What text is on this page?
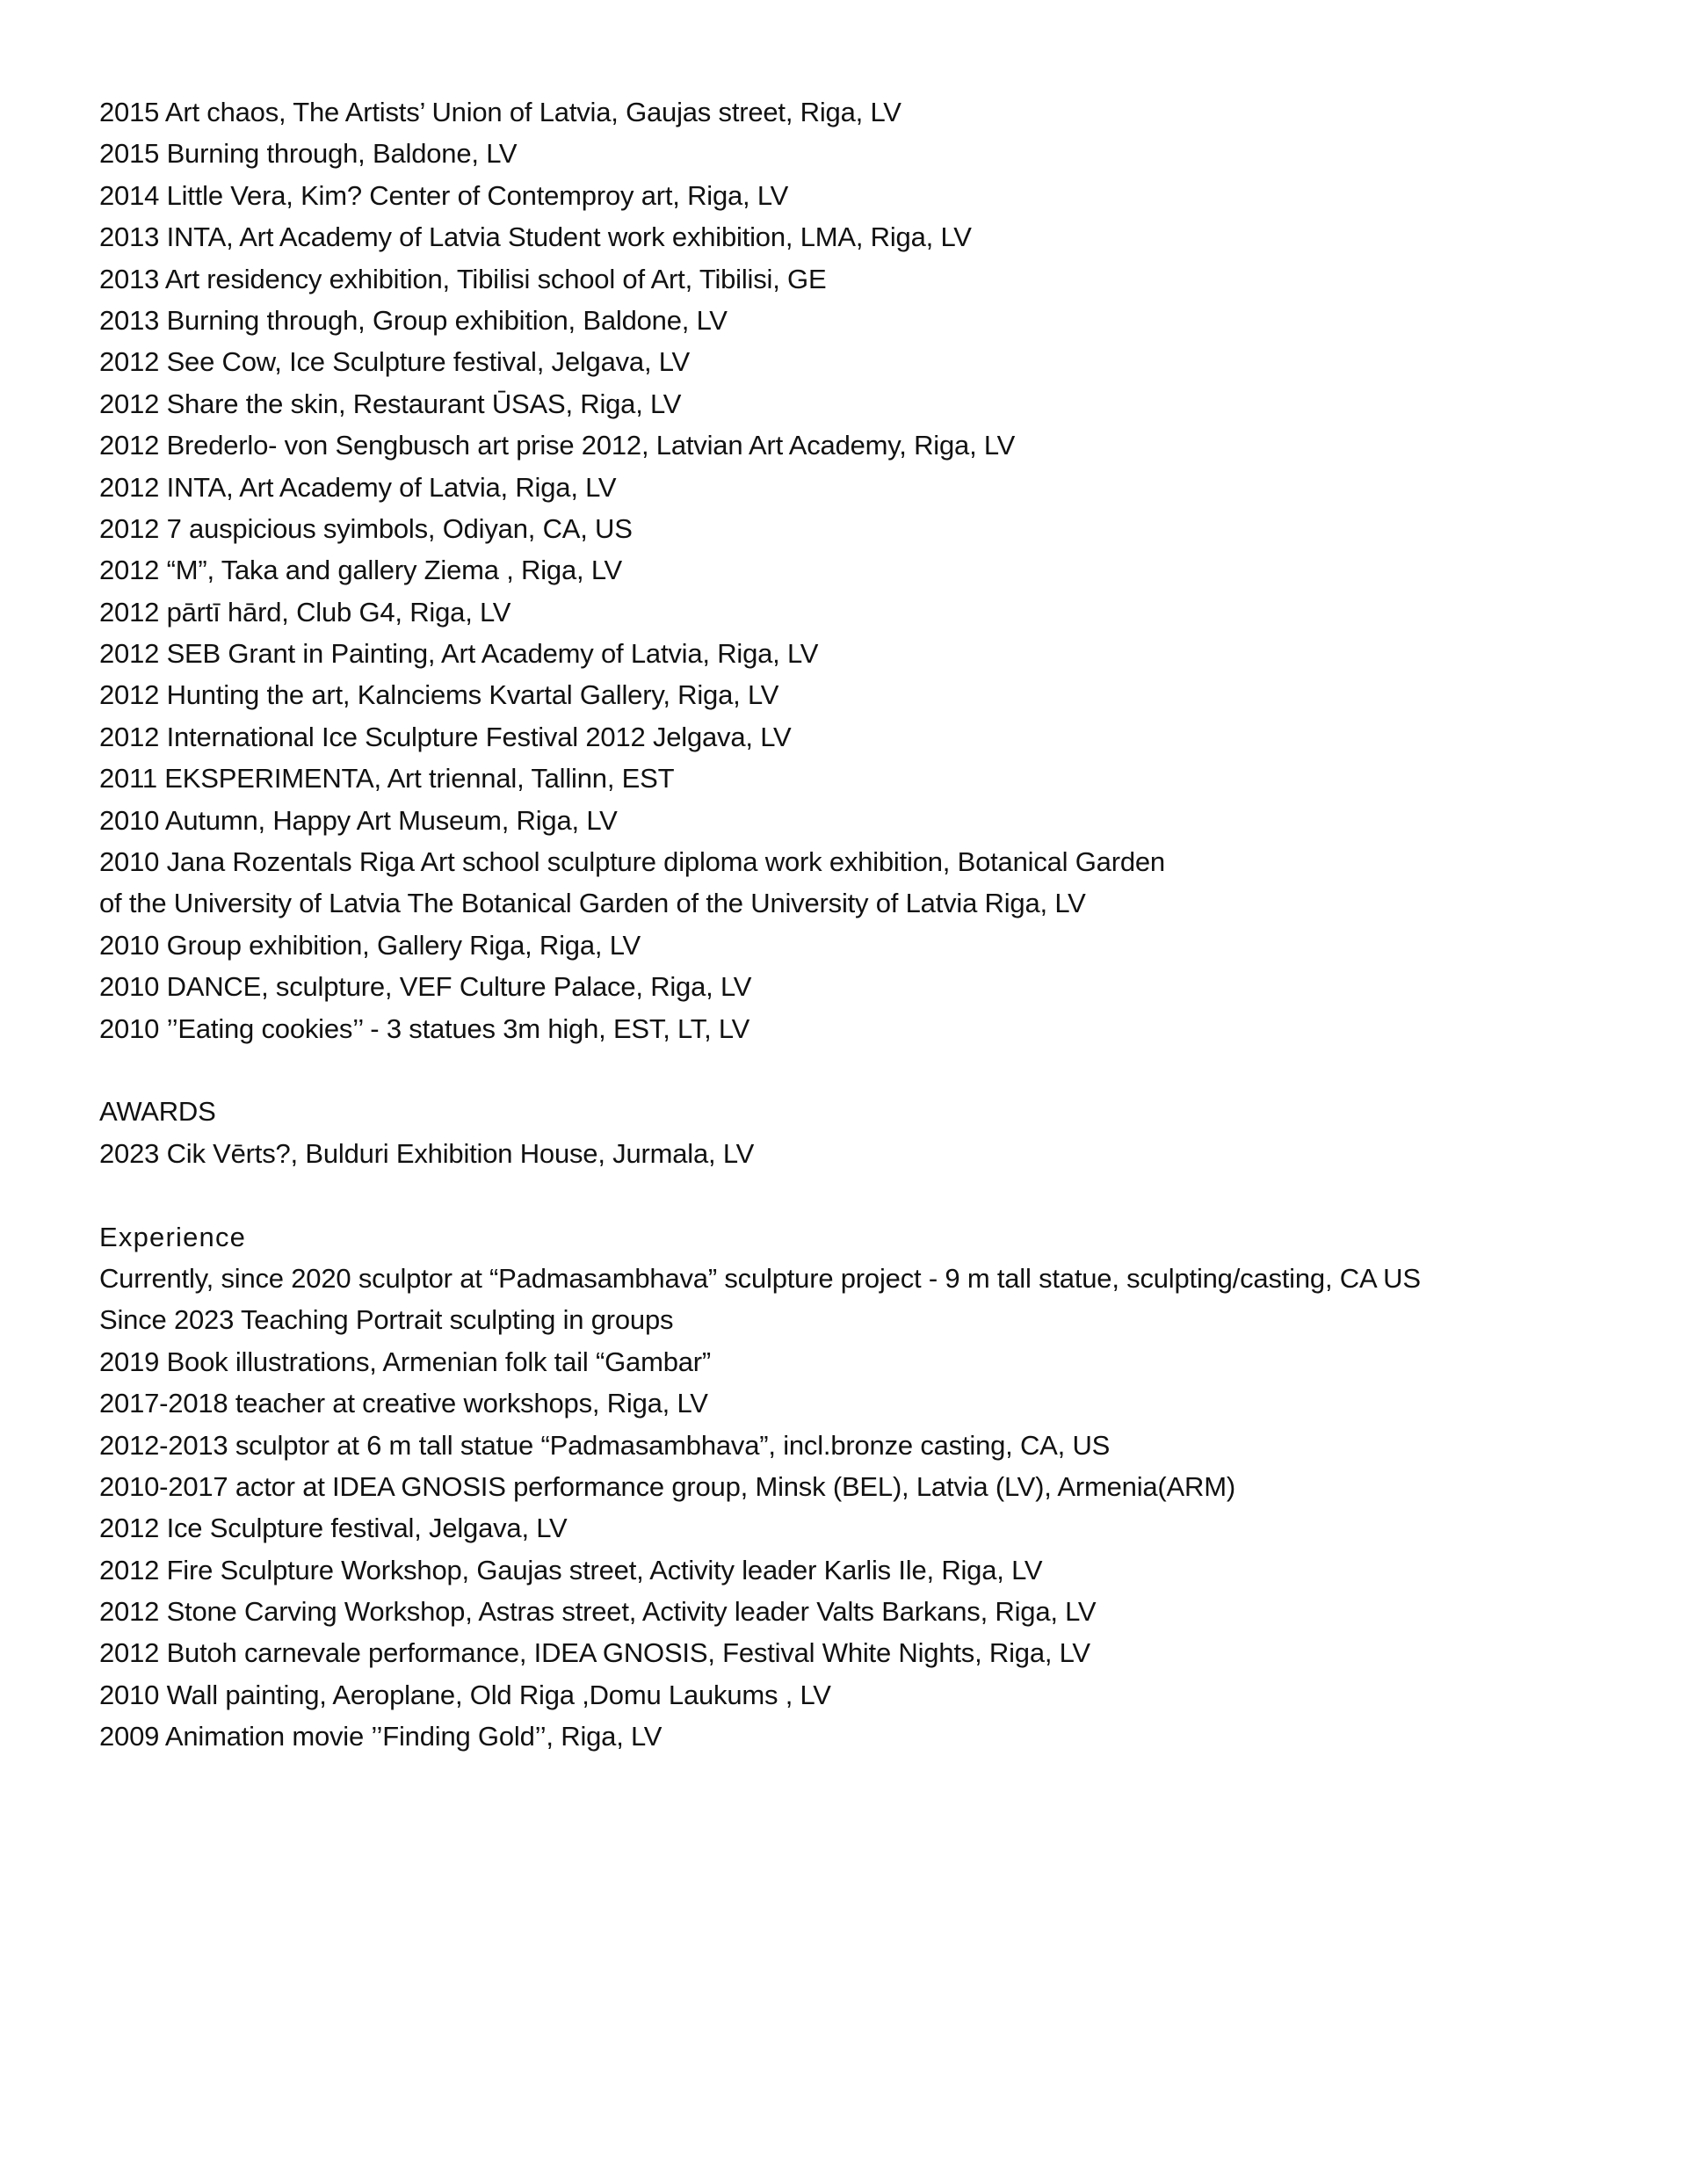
2015 Art chaos, The Artists’ Union of Latvia, Gaujas street, Riga, LV
2015 Burning through, Baldone, LV
2014 Little Vera, Kim? Center of Contemproy art, Riga, LV
2013 INTA, Art Academy of Latvia Student work exhibition, LMA, Riga, LV
2013 Art residency exhibition, Tibilisi school of Art, Tibilisi, GE
2013 Burning through, Group exhibition, Baldone, LV
2012 See Cow, Ice Sculpture festival, Jelgava, LV
2012 Share the skin, Restaurant ŪSAS, Riga, LV
2012 Brederlo- von Sengbusch art prise 2012, Latvian Art Academy, Riga, LV
2012 INTA, Art Academy of Latvia, Riga, LV
2012 7 auspicious syimbols, Odiyan, CA, US
2012 “M”, Taka and gallery Ziema , Riga, LV
2012 pārtī hārd, Club G4, Riga, LV
2012 SEB Grant in Painting, Art Academy of Latvia, Riga, LV
2012 Hunting the art, Kalnciems Kvartal Gallery, Riga, LV
2012 International Ice Sculpture Festival 2012 Jelgava, LV
2011 EKSPERIMENTA, Art triennal, Tallinn, EST
2010 Autumn, Happy Art Museum, Riga, LV
2010 Jana Rozentals Riga Art school sculpture diploma work exhibition, Botanical Garden
of the University of Latvia The Botanical Garden of the University of Latvia Riga, LV
2010 Group exhibition, Gallery Riga, Riga, LV
2010 DANCE, sculpture, VEF Culture Palace, Riga, LV
2010 ’’Eating cookies’’ - 3 statues 3m high, EST, LT, LV
AWARDS
2023 Cik Vērts?, Bulduri Exhibition House, Jurmala, LV
Experience
Currently, since 2020 sculptor at “Padmasambhava” sculpture project - 9 m tall statue, sculpting/casting, CA US
Since 2023 Teaching Portrait sculpting in groups
2019 Book illustrations, Armenian folk tail “Gambar”
2017-2018 teacher at creative workshops, Riga, LV
2012-2013 sculptor at 6 m tall statue “Padmasambhava”, incl.bronze casting, CA, US
2010-2017 actor at IDEA GNOSIS performance group, Minsk (BEL), Latvia (LV), Armenia(ARM)
2012 Ice Sculpture festival, Jelgava, LV
2012 Fire Sculpture Workshop, Gaujas street, Activity leader Karlis Ile, Riga, LV
2012 Stone Carving Workshop, Astras street, Activity leader Valts Barkans, Riga, LV
2012 Butoh carnevale performance, IDEA GNOSIS, Festival White Nights, Riga, LV
2010 Wall painting, Aeroplane, Old Riga ,Domu Laukums , LV
2009 Animation movie ’’Finding Gold’’, Riga, LV
